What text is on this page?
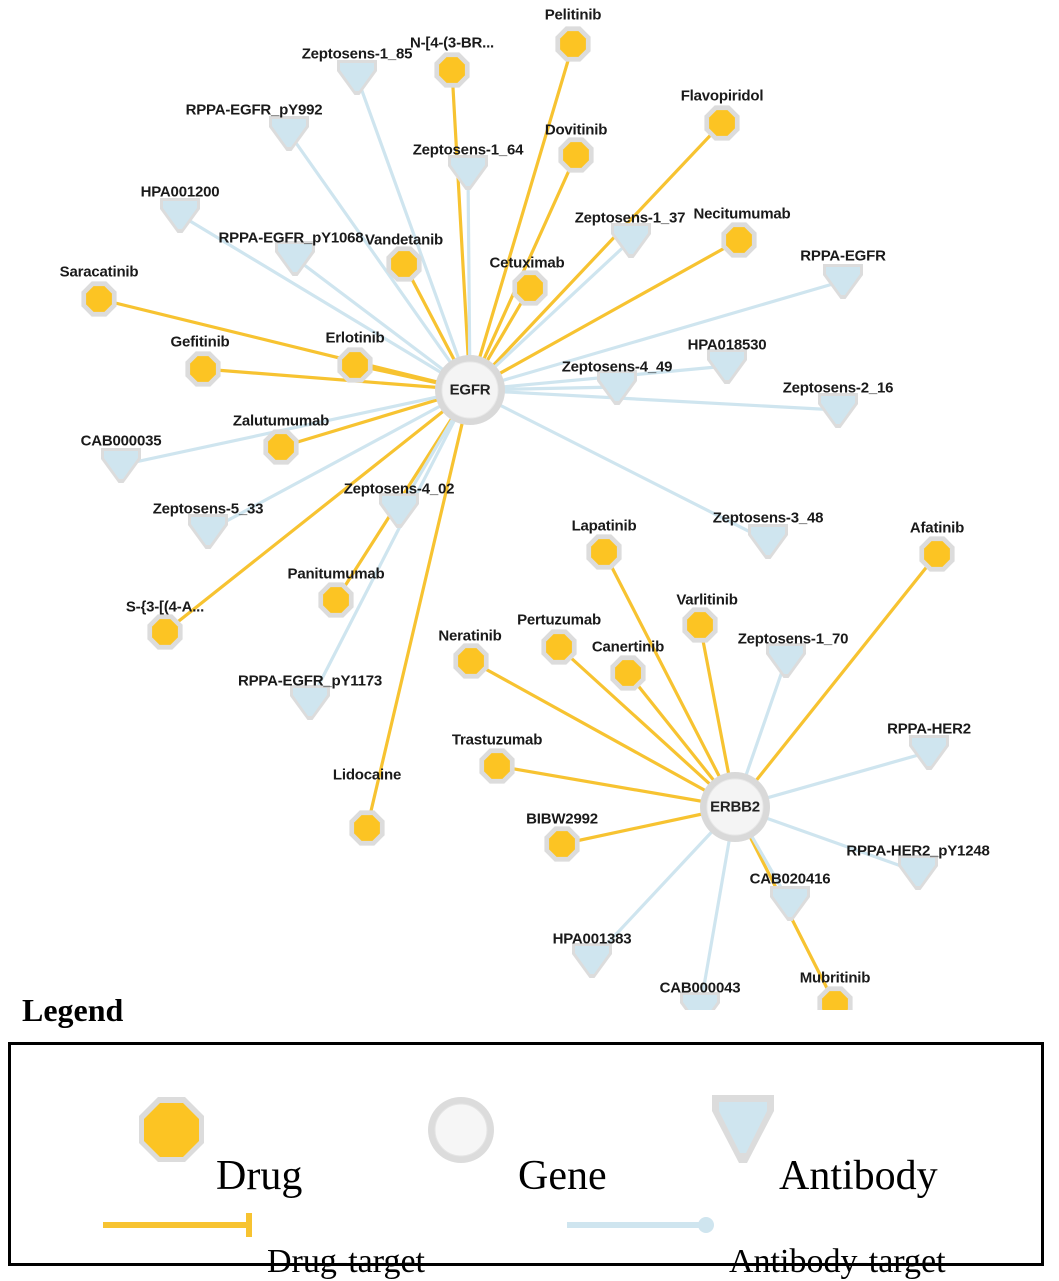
Zeptosens-1_85
RPPA-EGFR_pY992
Zeptosens-1_64
HPA001200
Zeptosens-1_37
RPPA-EGFR_pY1068
RPPA-EGFR
HPA018530
Zeptosens-4_49
Zeptosens-2_16
CAB000035
Zeptosens-4_02
Zeptosens-5_33
Zeptosens-3_48
Zeptosens-1_70
RPPA-EGFR_pY1173
RPPA-HER2
RPPA-HER2_pY1248
CAB020416
HPA001383
CAB000043
Pelitinib
N-[4-(3-BR...
Flavopiridol
Dovitinib
Necitumumab
Vandetanib
Cetuximab
Saracatinib
Gefitinib	Erlotinib
Zalutumumab
Lapatinib	Afatinib
Panitumumab
Varlitinib
S-{3-[(4-A...
Pertuzumab
Neratinib
Canertinib
Trastuzumab
Lidocaine
BIBW2992
Mubritinib
EGFR
ERBB2
Legend
Drug	Gene	Antibody
Drug-target	Antibody-target
